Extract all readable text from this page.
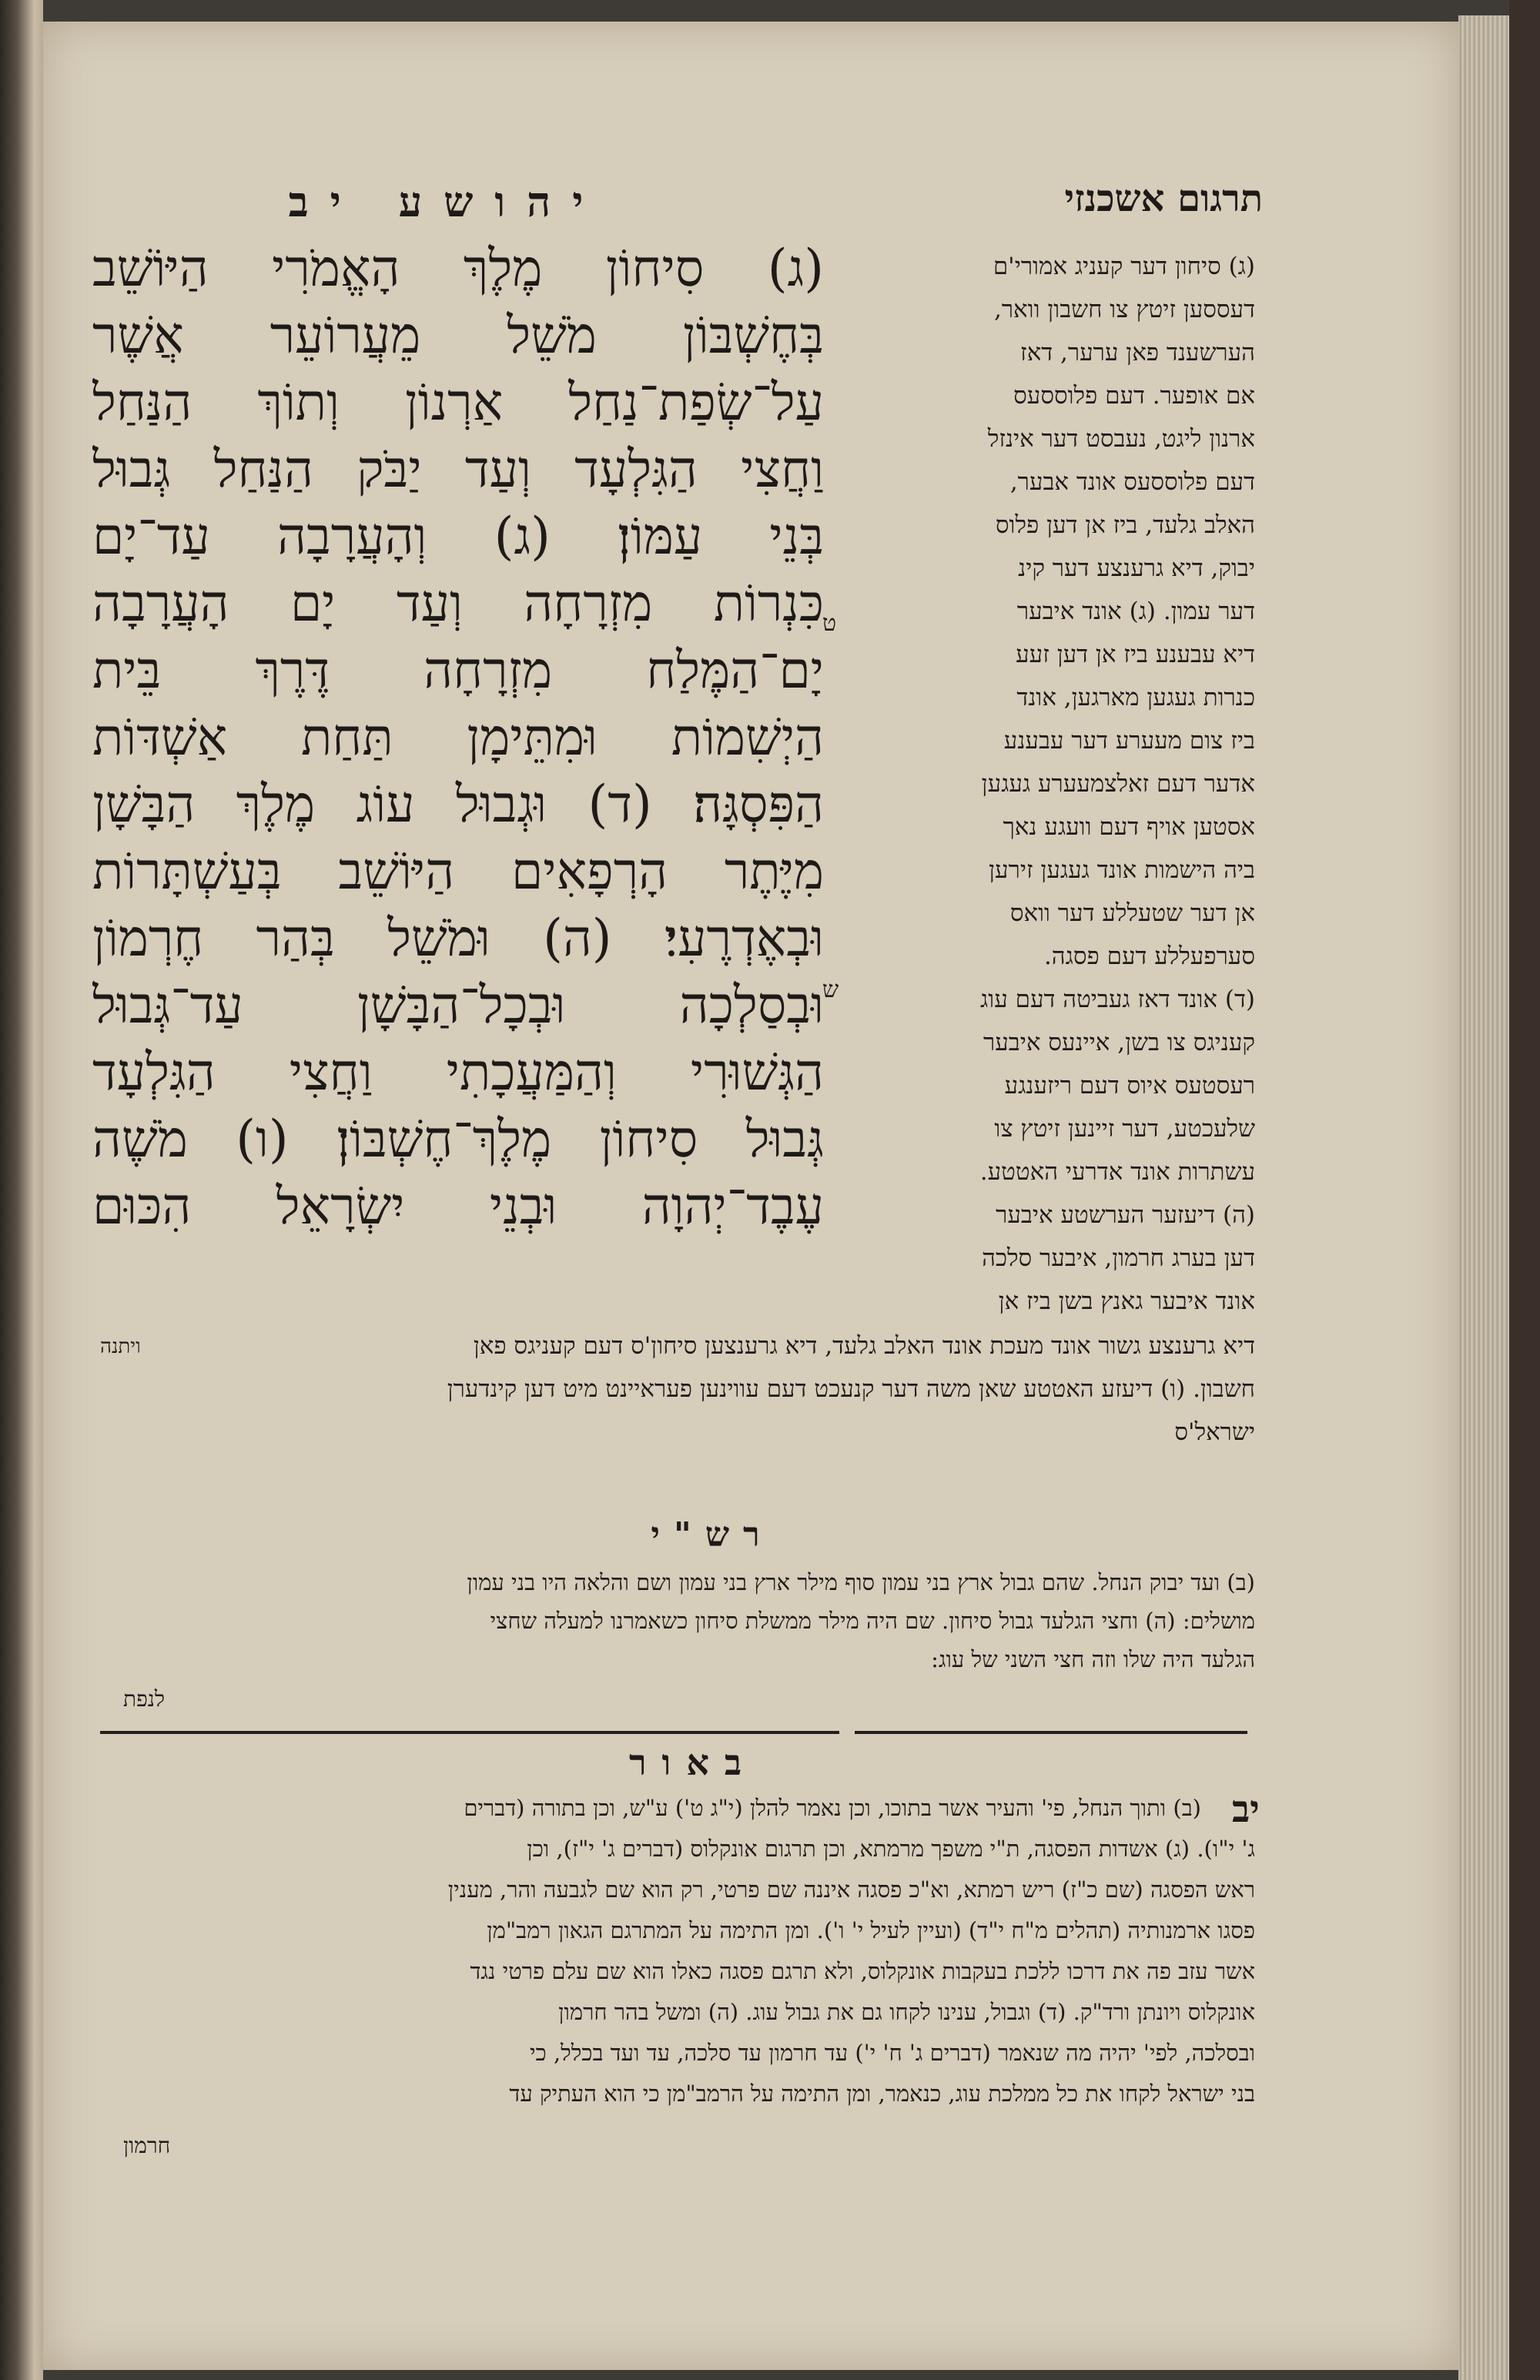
יהושע יב	תרגום אשכנזי
(ג) סִיחוֹן מֶלֶךְ הָאֱמֹרִי הַיּוֹשֵׁב
בְּחֶשְׁבּוֹן מֹשֵׁל מֵעֲרוֹעֵר אֲשֶׁר
עַל־שְׂפַת־נַחַל אַרְנוֹן וְתוֹךְ הַנַּחַל
וַחֲצִי הַגִּלְעָד וְעַד יַבֹּק הַנַּחַל גְּבוּל
בְּנֵי עַמּוֹן׃ (ג) וְהָעֲרָבָה עַד־יָם
כִּנְרוֹת מִזְרָחָה וְעַד יָם הָעֲרָבָה
יָם־הַמֶּלַח מִזְרָחָה דֶּרֶךְ בֵּית
הַיְשִׁמוֹת וּמִתֵּימָן תַּחַת אַשְׁדּוֹת
הַפִּסְגָּה׃ (ד) וּגְבוּל עוֹג מֶלֶךְ הַבָּשָׁן
מִיֶּתֶר הָרְפָאִים הַיּוֹשֵׁב בְּעַשְׁתָּרוֹת
וּבְאֶדְרֶעִי׃ (ה) וּמֹשֵׁל בְּהַר חֶרְמוֹן
וּבְסַלְכָה וּבְכָל־הַבָּשָׁן עַד־גְּבוּל
הַגְּשׁוּרִי וְהַמַּעֲכָתִי וַחֲצִי הַגִּלְעָד
גְּבוּל סִיחוֹן מֶלֶךְ־חֶשְׁבּוֹן׃ (ו) מֹשֶׁה
עֶבֶד־יְהוָה וּבְנֵי יִשְׂרָאֵל הִכּוּם
ט
ש
(ג) סיחון דער קעניג אמורי'ם
דעססען זיטץ צו חשבון וואר,
הערשענד פאן ערער, דאז
אם אופער. דעם פלוססעס
ארנון ליגט, נעבסט דער אינזל
דעם פלוססעס אונד אבער,
האלב גלעד, ביז אן דען פלוס
יבוק, דיא גרענצע דער קינ
דער עמון. (ג) אונד איבער
דיא עבענע ביז אן דען זעע
כנרות געגען מארגען, אונד
ביז צום מעערע דער עבענע
אדער דעם זאלצמעערע געגען
אסטען אויף דעם וועגע נאך
ביה הישמות אונד געגען זירען
אן דער שטעללע דער וואס
סערפעללע דעם פסגה.
(ד) אונד דאז געביטה דעם עוג
קעניגס צו בשן, איינעס איבער
רעסטעס איוס דעם ריזענגע
שלעכטע, דער זיינען זיטץ צו
עשתרות אונד אדרעי האטטע.
(ה) דיעזער הערשטע איבער
דען בערג חרמון, איבער סלכה
אונד איבער גאנץ בשן ביז אן
ויתנה	דיא גרענצע גשור אונד מעכת אונד האלב גלעד, דיא גרענצען סיחון'ס דעם קעניגס פאן
חשבון. (ו) דיעזע האטטע שאן משה דער קנעכט דעם עווינען פעראיינט מיט דען קינדערן
ישראל'ס
רש"י
(ב) ועד יבוק הנחל. שהם גבול ארץ בני עמון סוף מילר ארץ בני עמון ושם והלאה היו בני עמון
מושלים: (ה) וחצי הגלעד גבול סיחון. שם היה מילר ממשלת סיחון כשאמרנו למעלה שחצי
הגלעד היה שלו וזה חצי השני של עוג:
לנפת
באור
יב
(ב) ותוך הנחל, פי' והעיר אשר בתוכו, וכן נאמר להלן (י"ג ט') ע"ש, וכן בתורה (דברים
ג' י"ו). (ג) אשדות הפסגה, ת"י משפך מרמתא, וכן תרגום אונקלוס (דברים ג' י"ז), וכן
ראש הפסגה (שם כ"ז) ריש רמתא, וא"כ פסגה איננה שם פרטי, רק הוא שם לגבעה והר, מענין
פסגו ארמנותיה (תהלים מ"ח י"ד) (ועיין לעיל י' ו'). ומן התימה על המתרגם הגאון רמב"מן
אשר עזב פה את דרכו ללכת בעקבות אונקלוס, ולא תרגם פסגה כאלו הוא שם עלם פרטי נגד
אונקלוס ויונתן ורד"ק. (ד) וגבול, ענינו לקחו גם את גבול עוג. (ה) ומשל בהר חרמון
ובסלכה, לפי' יהיה מה שנאמר (דברים ג' ח' י') עד חרמון עד סלכה, עד ועד בכלל, כי
בני ישראל לקחו את כל ממלכת עוג, כנאמר, ומן התימה על הרמב"מן כי הוא העתיק עד
חרמון
